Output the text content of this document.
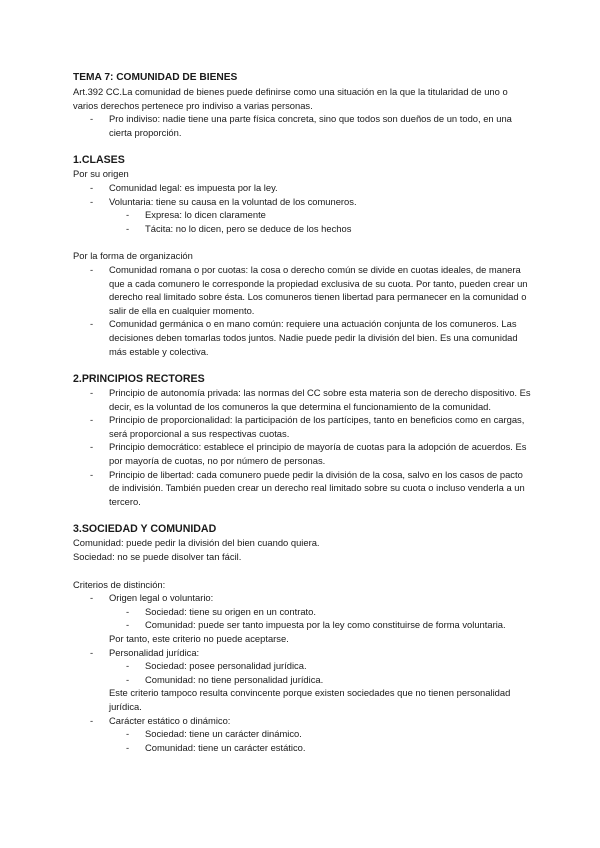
TEMA 7: COMUNIDAD DE BIENES

Art.392 CC.La comunidad de bienes puede definirse como una situación en la que la titularidad de uno o varios derechos pertenece pro indiviso a varias personas.

- Pro indiviso: nadie tiene una parte física concreta, sino que todos son dueños de un todo, en una cierta proporción.

1.CLASES

Por su origen

- Comunidad legal: es impuesta por la ley.
- Voluntaria: tiene su causa en la voluntad de los comuneros.
- Expresa: lo dicen claramente
- Tácita: no lo dicen, pero se deduce de los hechos

Por la forma de organización

- Comunidad romana o por cuotas: la cosa o derecho común se divide en cuotas ideales, de manera que a cada comunero le corresponde la propiedad exclusiva de su cuota. Por tanto, pueden crear un derecho real limitado sobre ésta. Los comuneros tienen libertad para permanecer en la comunidad o salir de ella en cualquier momento.
- Comunidad germánica o en mano común: requiere una actuación conjunta de los comuneros. Las decisiones deben tomarlas todos juntos. Nadie puede pedir la división del bien. Es una comunidad más estable y colectiva.

2.PRINCIPIOS RECTORES

- Principio de autonomía privada: las normas del CC sobre esta materia son de derecho dispositivo. Es decir, es la voluntad de los comuneros la que determina el funcionamiento de la comunidad.
- Principio de proporcionalidad: la participación de los partícipes, tanto en beneficios como en cargas, será proporcional a sus respectivas cuotas.
- Principio democrático: establece el principio de mayoría de cuotas para la adopción de acuerdos. Es por mayoría de cuotas, no por número de personas.
- Principio de libertad: cada comunero puede pedir la división de la cosa, salvo en los casos de pacto de indivisión. También pueden crear un derecho real limitado sobre su cuota o incluso venderla a un tercero.

3.SOCIEDAD Y COMUNIDAD

Comunidad: puede pedir la división del bien cuando quiera.

Sociedad: no se puede disolver tan fácil.

Criterios de distinción:

- Origen legal o voluntario:
- Sociedad: tiene su origen en un contrato.
- Comunidad: puede ser tanto impuesta por la ley como constituirse de forma voluntaria.
Por tanto, este criterio no puede aceptarse.
- Personalidad jurídica:
- Sociedad: posee personalidad jurídica.
- Comunidad: no tiene personalidad jurídica.
Este criterio tampoco resulta convincente porque existen sociedades que no tienen personalidad jurídica.
- Carácter estático o dinámico:
- Sociedad: tiene un carácter dinámico.
- Comunidad: tiene un carácter estático.
